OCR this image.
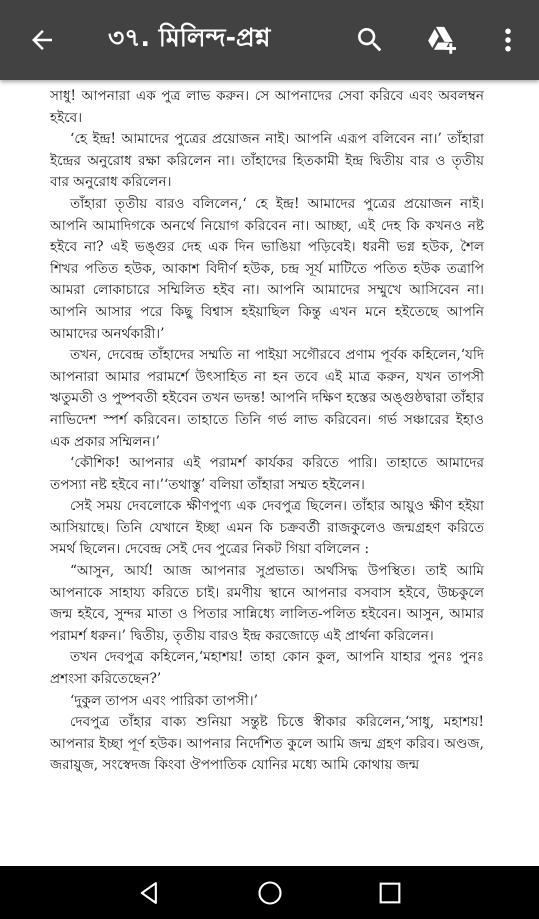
৩৭. মিলিন্দ-প্রশ্ন

সাধু! আপনারা এক পুত্র লাভ করুন। সে আপনাদের সেবা করিবে এবং অবলম্বন হইবে।

‘হে ইন্দ্র! আমাদের পুত্রের প্রয়োজন নাই। আপনি এরূপ বলিবেন না।’ তাঁহারা ইন্দ্রের অনুরোধ রক্ষা করিলেন না। তাঁহাদের হিতকামী ইন্দ্র দ্বিতীয় বার ও তৃতীয় বার অনুরোধ করিলেন।

তাঁহারা তৃতীয় বারও বলিলেন,‘ হে ইন্দ্র! আমাদের পুত্রের প্রয়োজন নাই। আপনি আমাদিগকে অনর্থে নিয়োগ করিবেন না। আচ্ছা, এই দেহ কি কখনও নষ্ট হইবে না? এই ভঙ্গুর দেহ এক দিন ভাঙিয়া পড়িবেই। ধরনী ভগ্ন হউক, শৈল শিখর পতিত হউক, আকাশ বিদীর্ণ হউক, চন্দ্র সূর্য মাটিতে পতিত হউক তত্রাপি আমরা লোকাচারে সম্মিলিত হইব না। আপনি আমাদের সম্মুখে আসিবেন না। আপনি আসার পরে কিছু বিশ্বাস হইয়াছিল কিন্তু এখন মনে হইতেছে আপনি আমাদের অনর্থকারী।’

তখন, দেবেন্দ্র তাঁহাদের সম্মতি না পাইয়া সগৌরবে প্রণাম পূর্বক কহিলেন,‘যদি আপনারা আমার পরামর্শে উৎসাহিত না হন তবে এই মাত্র করুন, যখন তাপসী ঋতুমতী ও পুষ্পবতী হইবেন তখন ভদন্ত! আপনি দক্ষিণ হস্তের অঙ্গুষ্ঠদ্বারা তাঁহার নাভিদেশ স্পর্শ করিবেন। তাহাতে তিনি গর্ভ লাভ করিবেন। গর্ভ সঞ্চারের ইহাও এক প্রকার সম্মিলন।’

‘কৌশিক! আপনার এই পরামর্শ কার্যকর করিতে পারি। তাহাতে আমাদের তপস্যা নষ্ট হইবে না।’‘তথাস্তু’ বলিয়া তাঁহারা সম্মত হইলেন।

সেই সময় দেবলোকে ক্ষীণপুণ্য এক দেবপুত্র ছিলেন। তাঁহার আয়ুও ক্ষীণ হইয়া আসিয়াছে। তিনি যেখানে ইচ্ছা এমন কি চক্রবর্তী রাজকুলেও জন্মগ্রহণ করিতে সমর্থ ছিলেন। দেবেন্দ্র সেই দেব পুত্রের নিকট গিয়া বলিলেন :

“আসুন, আর্য! আজ আপনার সুপ্রভাত। অর্থসিদ্ধ উপস্থিত। তাই আমি আপনাকে সাহায্য করিতে চাই। রমণীয় স্থানে আপনার বসবাস হইবে, উচ্চকুলে জন্ম হইবে, সুন্দর মাতা ও পিতার সান্নিধ্যে লালিত-পলিত হইবেন। আসুন, আমার পরামর্শ ধরুন।’ দ্বিতীয়, তৃতীয় বারও ইন্দ্র করজোড়ে এই প্রার্থনা করিলেন।

তখন দেবপুত্র কহিলেন,‘মহাশয়! তাহা কোন কুল, আপনি যাহার পুনঃ পুনঃ প্রশংসা করিতেছেন?’

‘দুকুল তাপস এবং পারিকা তাপসী।’

দেবপুত্র তাঁহার বাক্য শুনিয়া সন্তুষ্ট চিত্তে স্বীকার করিলেন,‘সাধু, মহাশয়! আপনার ইচ্ছা পূর্ণ হউক। আপনার নির্দেশিত কুলে আমি জন্ম গ্রহণ করিব। অণ্ডজ, জরায়ুজ, সংস্বেদজ কিংবা ঔপপাতিক যোনির মধ্যে আমি কোথায় জন্ম
